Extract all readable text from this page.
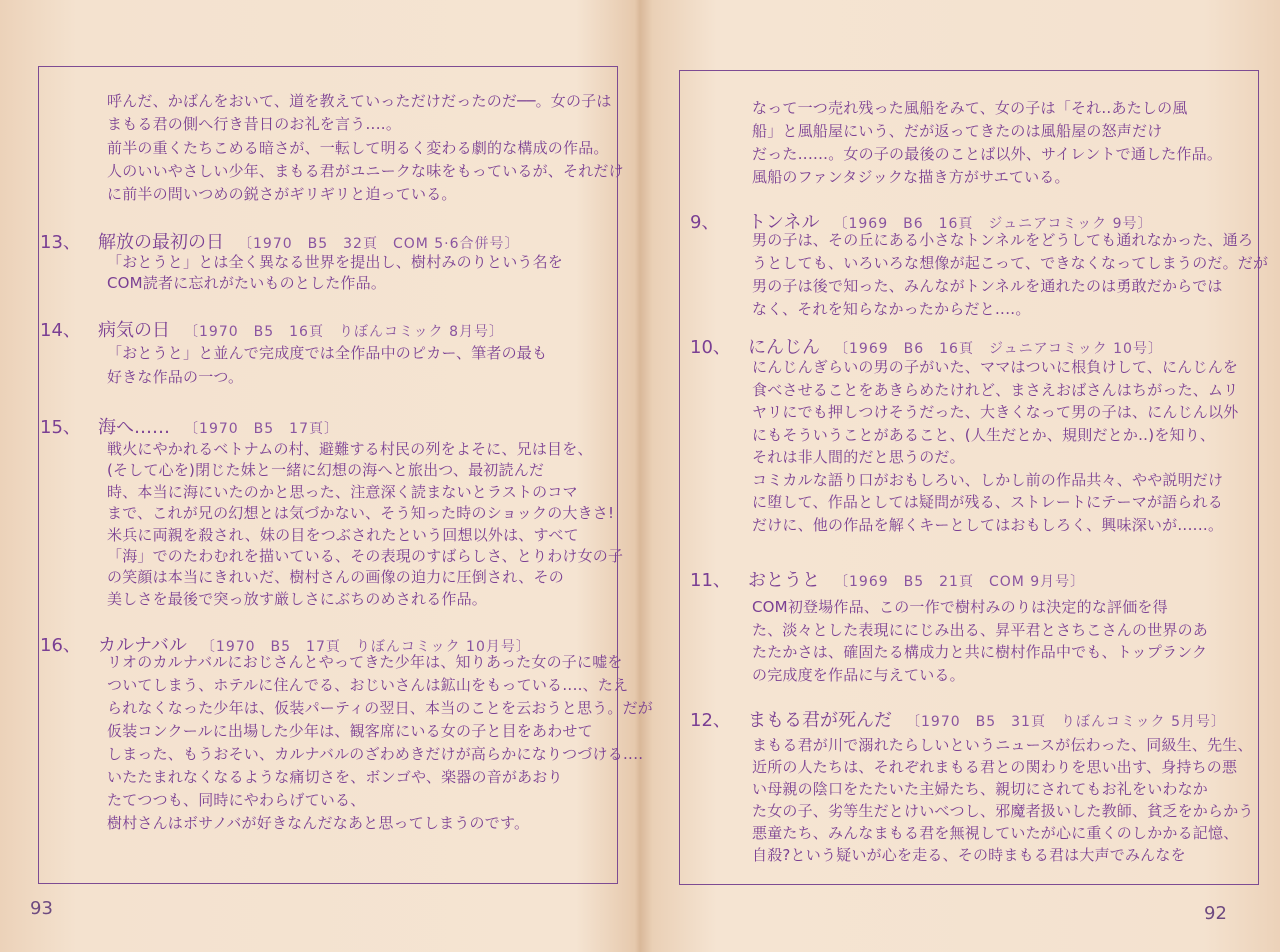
呼んだ、かばんをおいて、道を教えていっただけだったのだ──。女の子は
まもる君の側へ行き昔日のお礼を言う‥‥。
前半の重くたちこめる暗さが、一転して明るく変わる劇的な構成の作品。
人のいいやさしい少年、まもる君がユニークな味をもっているが、それだけ
に前半の問いつめの鋭さがギリギリと迫っている。
13、 解放の最初の日 〔1970　B5　32頁　COM 5·6合併号〕
「おとうと」とは全く異なる世界を提出し、樹村みのりという名を
COM読者に忘れがたいものとした作品。
14、 病気の日 〔1970　B5　16頁　りぼんコミック 8月号〕
「おとうと」と並んで完成度では全作品中のピカー、筆者の最も
好きな作品の一つ。
15、 海へ‥‥‥ 〔1970　B5　17頁〕
戦火にやかれるベトナムの村、避難する村民の列をよそに、兄は目を、
(そして心を)閉じた妹と一緒に幻想の海へと旅出つ、最初読んだ
時、本当に海にいたのかと思った、注意深く読まないとラストのコマ
まで、これが兄の幻想とは気づかない、そう知った時のショックの大きさ!
米兵に両親を殺され、妹の目をつぶされたという回想以外は、すべて
「海」でのたわむれを描いている、その表現のすばらしさ、とりわけ女の子
の笑顔は本当にきれいだ、樹村さんの画像の迫力に圧倒され、その
美しさを最後で突っ放す厳しさにぶちのめされる作品。
16、 カルナバル 〔1970　B5　17頁　りぼんコミック 10月号〕
リオのカルナバルにおじさんとやってきた少年は、知りあった女の子に嘘を
ついてしまう、ホテルに住んでる、おじいさんは鉱山をもっている‥‥、たえ
られなくなった少年は、仮装パーティの翌日、本当のことを云おうと思う。だが
仮装コンクールに出場した少年は、観客席にいる女の子と目をあわせて
しまった、もうおそい、カルナバルのざわめきだけが高らかになりつづける‥‥
いたたまれなくなるような痛切さを、ボンゴや、楽器の音があおり
たてつつも、同時にやわらげている、
樹村さんはボサノバが好きなんだなあと思ってしまうのです。
93
なって一つ売れ残った風船をみて、女の子は「それ‥あたしの風
船」と風船屋にいう、だが返ってきたのは風船屋の怒声だけ
だった‥‥‥。女の子の最後のことば以外、サイレントで通した作品。
風船のファンタジックな描き方がサエている。
9、 トンネル 〔1969　B6　16頁　ジュニアコミック 9号〕
男の子は、その丘にある小さなトンネルをどうしても通れなかった、通ろ
うとしても、いろいろな想像が起こって、できなくなってしまうのだ。だが
男の子は後で知った、みんながトンネルを通れたのは勇敢だからでは
なく、それを知らなかったからだと‥‥。
10、 にんじん 〔1969　B6　16頁　ジュニアコミック 10号〕
にんじんぎらいの男の子がいた、ママはついに根負けして、にんじんを
食べさせることをあきらめたけれど、まさえおばさんはちがった、ムリ
ヤリにでも押しつけそうだった、大きくなって男の子は、にんじん以外
にもそういうことがあること、(人生だとか、規則だとか‥)を知り、
それは非人間的だと思うのだ。
コミカルな語り口がおもしろい、しかし前の作品共々、やや説明だけ
に堕して、作品としては疑問が残る、ストレートにテーマが語られる
だけに、他の作品を解くキーとしてはおもしろく、興味深いが‥‥‥。
11、 おとうと 〔1969　B5　21頁　COM 9月号〕
COM初登場作品、この一作で樹村みのりは決定的な評価を得
た、淡々とした表現ににじみ出る、昇平君とさちこさんの世界のあ
たたかさは、確固たる構成力と共に樹村作品中でも、トップランク
の完成度を作品に与えている。
12、 まもる君が死んだ 〔1970　B5　31頁　りぼんコミック 5月号〕
まもる君が川で溺れたらしいというニュースが伝わった、同級生、先生、
近所の人たちは、それぞれまもる君との関わりを思い出す、身持ちの悪
い母親の陰口をたたいた主婦たち、親切にされてもお礼をいわなか
た女の子、劣等生だとけいべつし、邪魔者扱いした教師、貧乏をからかう
悪童たち、みんなまもる君を無視していたが心に重くのしかかる記憶、
自殺?という疑いが心を走る、その時まもる君は大声でみんなを
92
